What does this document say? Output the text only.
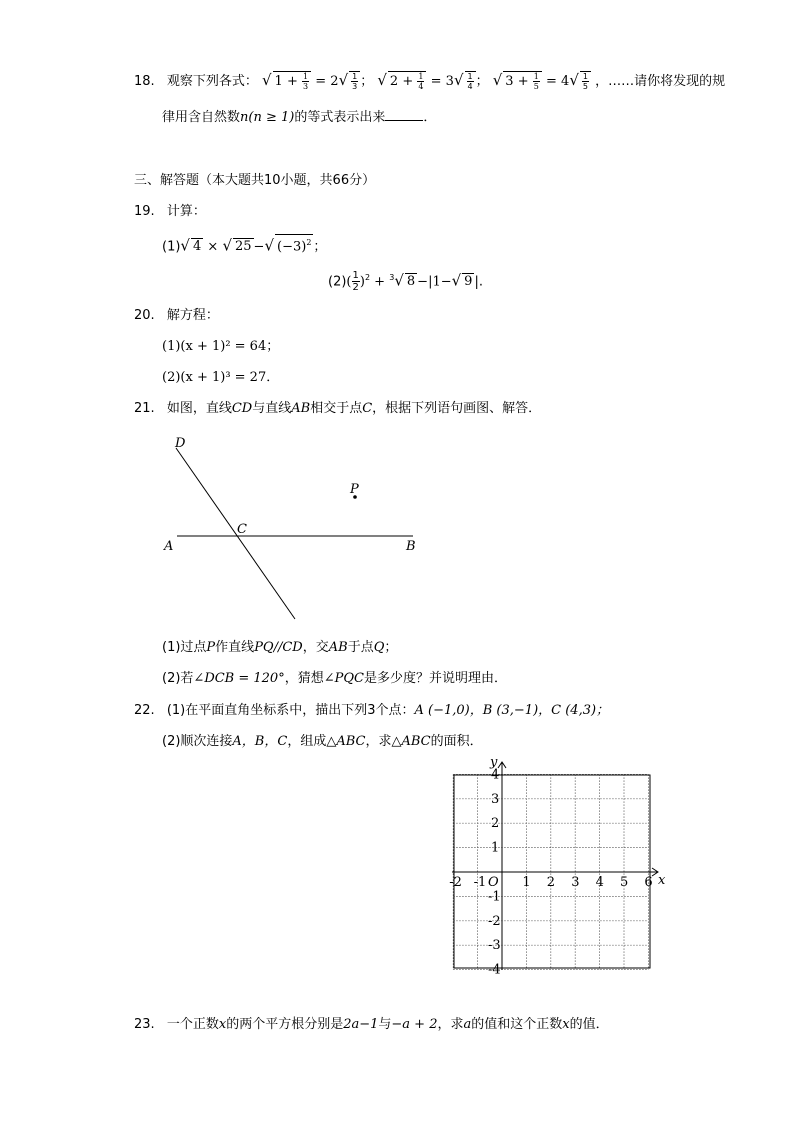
18. 观察下列各式： √ $1 + \frac{1}{3} = 2√ \frac{1}{3}$ ； √ $2 + \frac{1}{4} = 3√ \frac{1}{4}$ ； √ $3 + \frac{1}{5} = 4√ \frac{1}{5}$ ，……请你将发现的规
律用含自然数n(n ≥ 1)的等式表示出来	．
三、解答题（本大题共10小题，共66分）
19. 计算：
(1)√ 4 × √ 25 −√ $(-3)^2$ ；
$(2)( \frac{1}{2} )^2 + ^3√$ 8 −|1−√ 9 |.
20. 解方程：
(1)(x + 1)² = 64；
(2)(x + 1)³ = 27．
21. 如图，直线CD与直线AB相交于点C，根据下列语句画图、解答．
D
P
C
A	B
(1)过点P作直线PQ//CD，交AB于点Q；
(2)若∠DCB = 120°，猜想∠PQC是多少度？并说明理由．
22. (1)在平面直角坐标系中，描出下列3个点：A (−1,0)，B (3,−1)，C (4,3)；
(2)顺次连接A，B，C，组成△ABC，求△ABC的面积．
x
y
O
-2 -1	1 2 3 4 5 6
4
3
2
1
-1
-2
-3
-4
23. 一个正数x的两个平方根分别是2a−1与−a + 2，求a的值和这个正数x的值．
